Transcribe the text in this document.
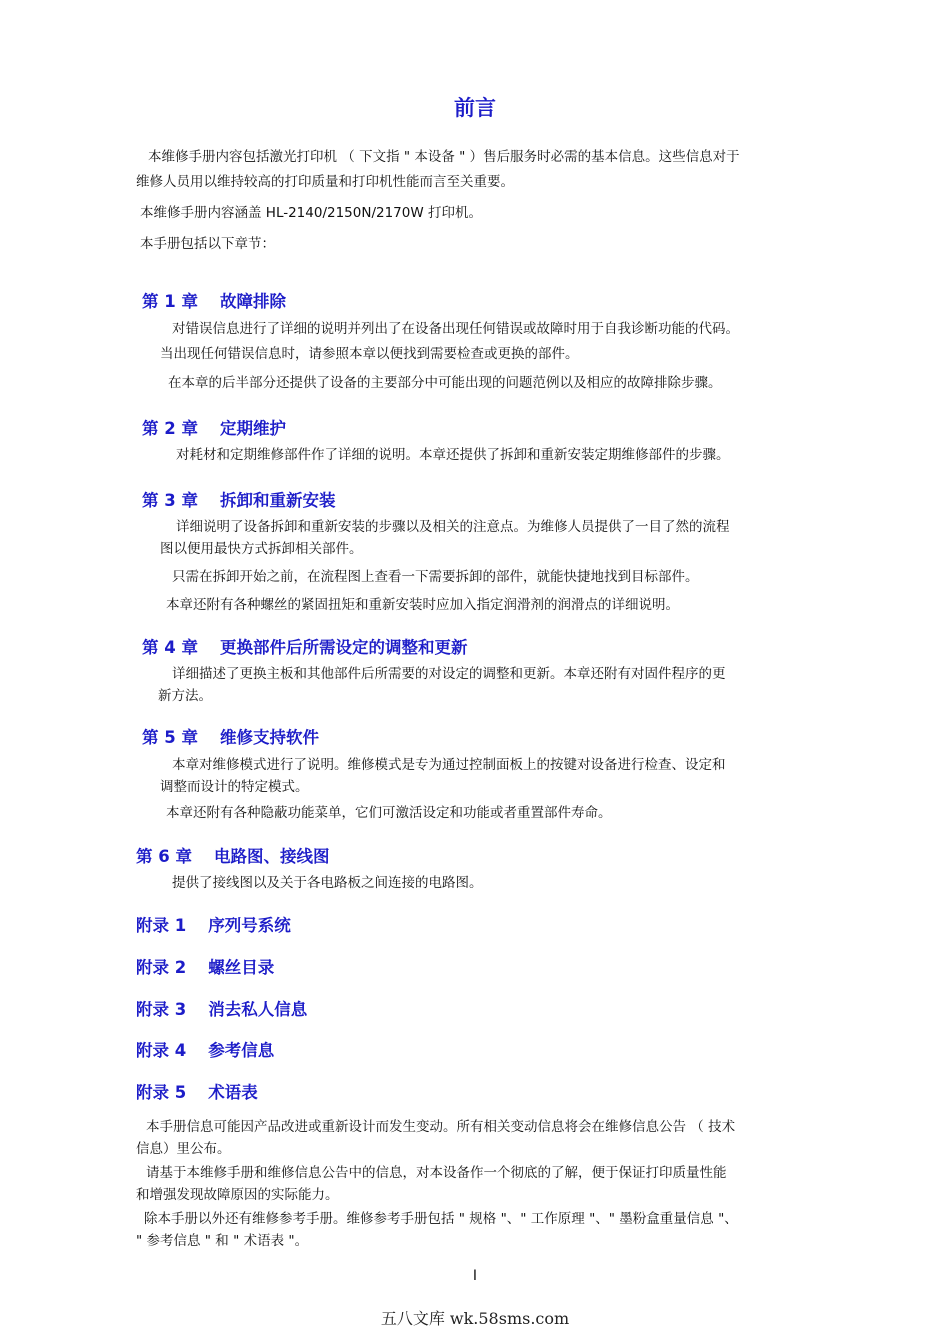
前言
本维修手册内容包括激光打印机 （ 下文指 " 本设备 " ）售后服务时必需的基本信息。这些信息对于
维修人员用以维持较高的打印质量和打印机性能而言至关重要。
本维修手册内容涵盖 HL-2140/2150N/2170W 打印机。
本手册包括以下章节：
第 1 章 故障排除
对错误信息进行了详细的说明并列出了在设备出现任何错误或故障时用于自我诊断功能的代码。
当出现任何错误信息时，请参照本章以便找到需要检查或更换的部件。
在本章的后半部分还提供了设备的主要部分中可能出现的问题范例以及相应的故障排除步骤。
第 2 章 定期维护
对耗材和定期维修部件作了详细的说明。本章还提供了拆卸和重新安装定期维修部件的步骤。
第 3 章 拆卸和重新安装
详细说明了设备拆卸和重新安装的步骤以及相关的注意点。为维修人员提供了一目了然的流程
图以便用最快方式拆卸相关部件。
只需在拆卸开始之前，在流程图上查看一下需要拆卸的部件，就能快捷地找到目标部件。
本章还附有各种螺丝的紧固扭矩和重新安装时应加入指定润滑剂的润滑点的详细说明。
第 4 章 更换部件后所需设定的调整和更新
详细描述了更换主板和其他部件后所需要的对设定的调整和更新。本章还附有对固件程序的更
新方法。
第 5 章 维修支持软件
本章对维修模式进行了说明。维修模式是专为通过控制面板上的按键对设备进行检查、设定和
调整而设计的特定模式。
本章还附有各种隐蔽功能菜单，它们可激活设定和功能或者重置部件寿命。
第 6 章 电路图、接线图
提供了接线图以及关于各电路板之间连接的电路图。
附录 1 序列号系统
附录 2 螺丝目录
附录 3 消去私人信息
附录 4 参考信息
附录 5 术语表
本手册信息可能因产品改进或重新设计而发生变动。所有相关变动信息将会在维修信息公告 （ 技术
信息）里公布。
请基于本维修手册和维修信息公告中的信息，对本设备作一个彻底的了解，便于保证打印质量性能
和增强发现故障原因的实际能力。
除本手册以外还有维修参考手册。维修参考手册包括 " 规格 "、" 工作原理 "、" 墨粉盒重量信息 "、
" 参考信息 " 和 " 术语表 "。
I
五八文库 wk.58sms.com
